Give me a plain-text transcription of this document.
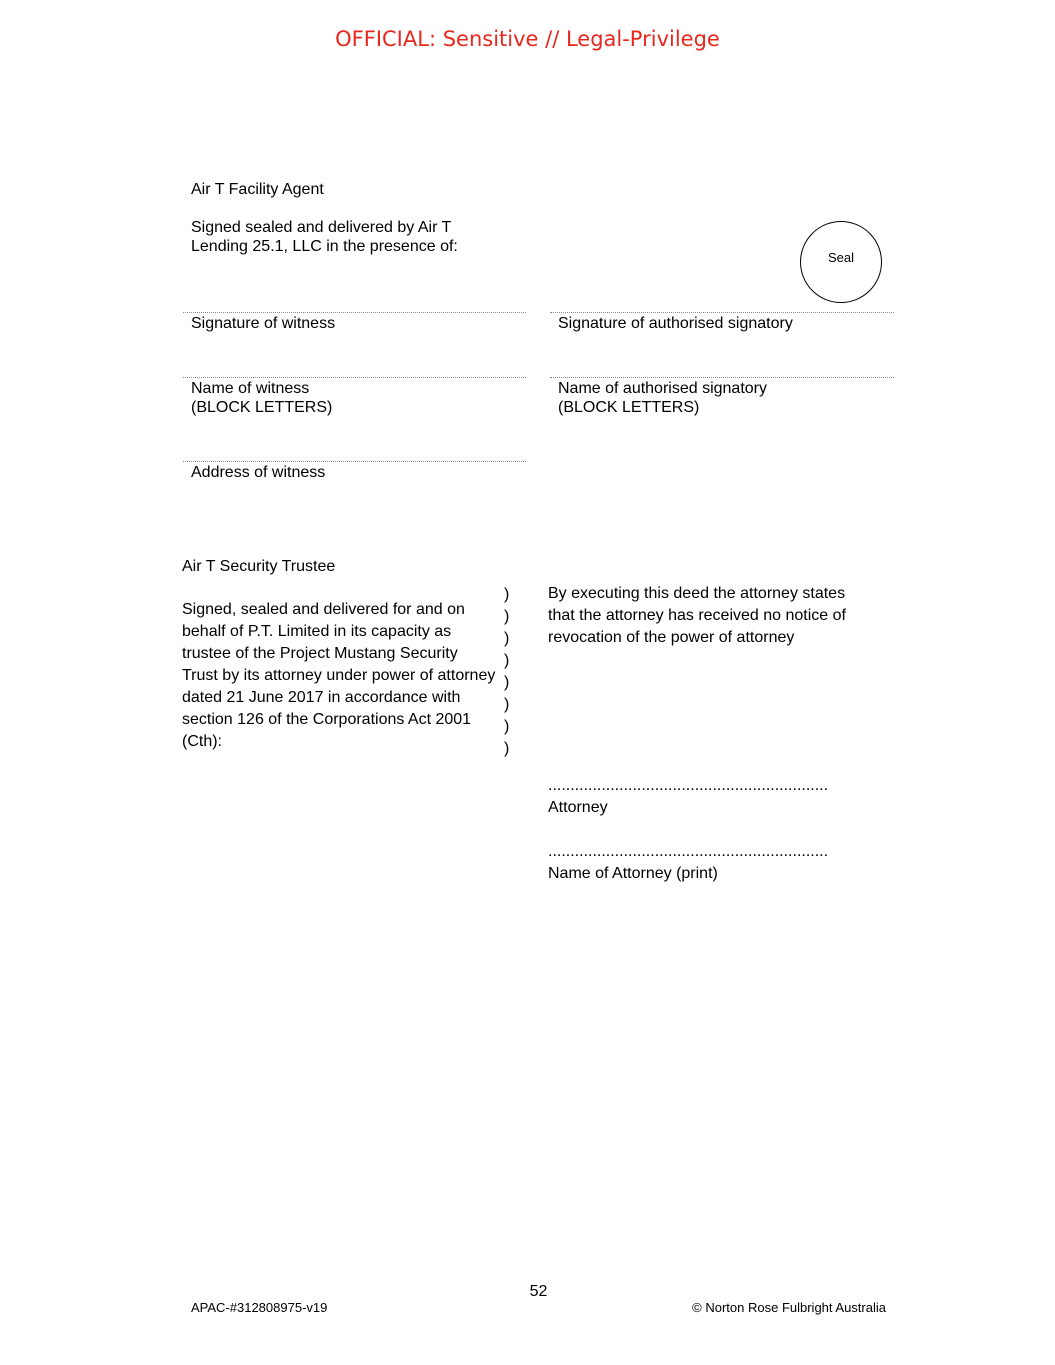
OFFICIAL: Sensitive // Legal-Privilege
Air T Facility Agent
Signed sealed and delivered by Air T
Lending 25.1, LLC in the presence of:
Seal
Signature of witness	Signature of authorised signatory
Name of witness
(BLOCK LETTERS)
Name of authorised signatory
(BLOCK LETTERS)
Address of witness
Air T Security Trustee
Signed, sealed and delivered for and on
behalf of P.T. Limited in its capacity as
trustee of the Project Mustang Security
Trust by its attorney under power of attorney
dated 21 June 2017 in accordance with
section 126 of the Corporations Act 2001
(Cth):
)
)
)
)
)
)
)
)
By executing this deed the attorney states
that the attorney has received no notice of
revocation of the power of attorney
...............................................................
Attorney
...............................................................
Name of Attorney (print)
52
APAC-#312808975-v19	© Norton Rose Fulbright Australia
